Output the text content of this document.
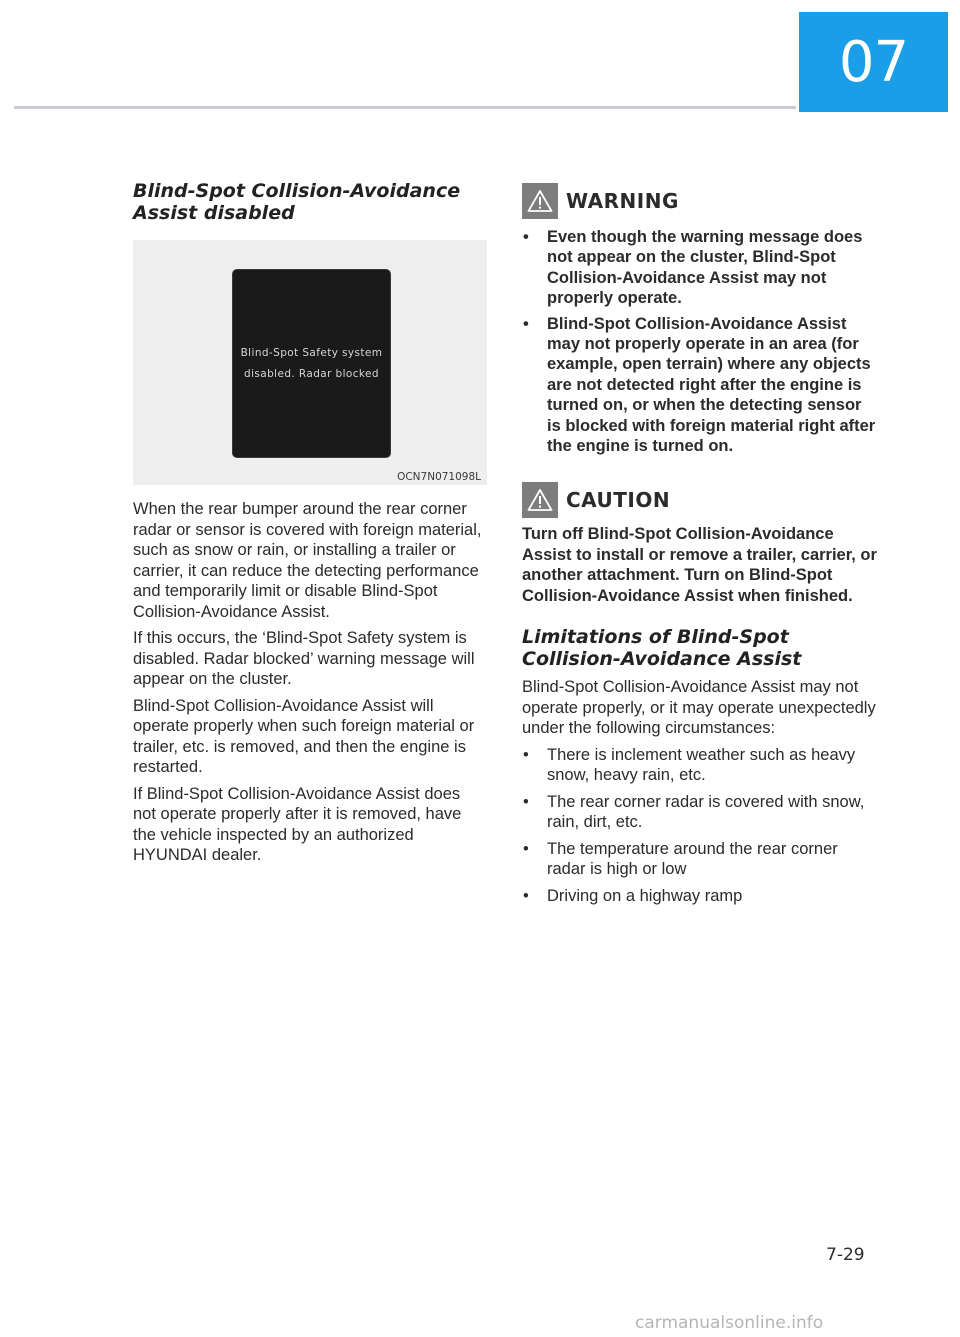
07
Blind-Spot Collision-Avoidance Assist disabled
Blind-Spot Safety system
disabled. Radar blocked
OCN7N071098L

When the rear bumper around the rear corner radar or sensor is covered with foreign material, such as snow or rain, or installing a trailer or carrier, it can reduce the detecting performance and temporarily limit or disable Blind-Spot Collision-Avoidance Assist.

If this occurs, the ‘Blind-Spot Safety system is disabled. Radar blocked’ warning message will appear on the cluster.

Blind-Spot Collision-Avoidance Assist will operate properly when such foreign material or trailer, etc. is removed, and then the engine is restarted.

If Blind-Spot Collision-Avoidance Assist does not operate properly after it is removed, have the vehicle inspected by an authorized HYUNDAI dealer.

WARNING
• Even though the warning message does not appear on the cluster, Blind-Spot Collision-Avoidance Assist may not properly operate.
• Blind-Spot Collision-Avoidance Assist may not properly operate in an area (for example, open terrain) where any objects are not detected right after the engine is turned on, or when the detecting sensor is blocked with foreign material right after the engine is turned on.
CAUTION

Turn off Blind-Spot Collision-Avoidance Assist to install or remove a trailer, carrier, or another attachment. Turn on Blind-Spot Collision-Avoidance Assist when finished.

Limitations of Blind-Spot Collision-Avoidance Assist

Blind-Spot Collision-Avoidance Assist may not operate properly, or it may operate unexpectedly under the following circumstances:

• There is inclement weather such as heavy snow, heavy rain, etc.
• The rear corner radar is covered with snow, rain, dirt, etc.
• The temperature around the rear corner radar is high or low
• Driving on a highway ramp
7-29
carmanualsonline.info
